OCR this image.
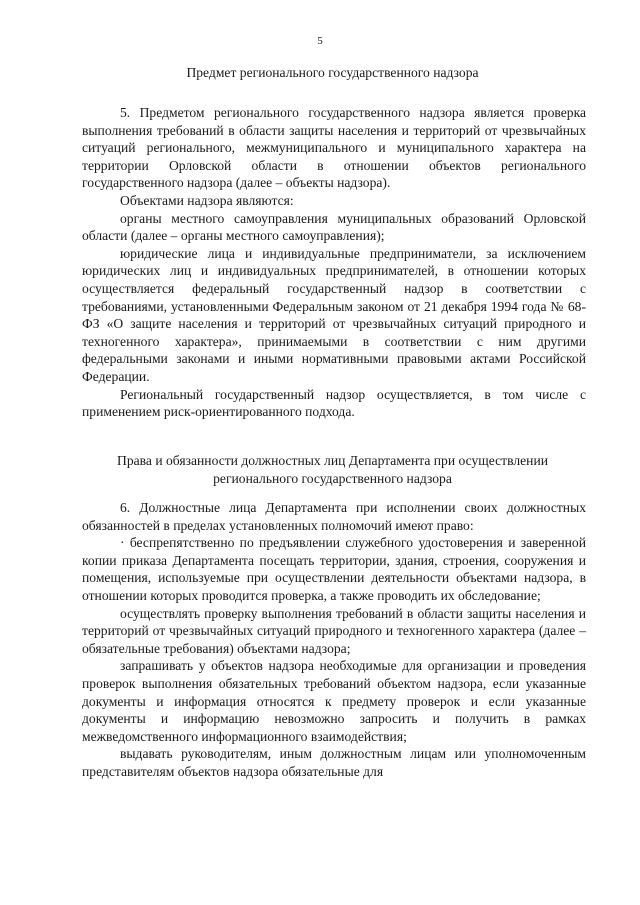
5
Предмет регионального государственного надзора

5. Предметом регионального государственного надзора является проверка выполнения требований в области защиты населения и территорий от чрезвычайных ситуаций регионального, межмуниципального и муниципального характера на территории Орловской области в отношении объектов регионального государственного надзора (далее – объекты надзора).

Объектами надзора являются:

органы местного самоуправления муниципальных образований Орловской области (далее – органы местного самоуправления);

юридические лица и индивидуальные предприниматели, за исключением юридических лиц и индивидуальных предпринимателей, в отношении которых осуществляется федеральный государственный надзор в соответствии с требованиями, установленными Федеральным законом от 21 декабря 1994 года № 68-ФЗ «О защите населения и территорий от чрезвычайных ситуаций природного и техногенного характера», принимаемыми в соответствии с ним другими федеральными законами и иными нормативными правовыми актами Российской Федерации.

Региональный государственный надзор осуществляется, в том числе с применением риск-ориентированного подхода.

Права и обязанности должностных лиц Департамента при осуществлении
регионального государственного надзора

6. Должностные лица Департамента при исполнении своих должностных обязанностей в пределах установленных полномочий имеют право:

· беспрепятственно по предъявлении служебного удостоверения и заверенной копии приказа Департамента посещать территории, здания, строения, сооружения и помещения, используемые при осуществлении деятельности объектами надзора, в отношении которых проводится проверка, а также проводить их обследование;

осуществлять проверку выполнения требований в области защиты населения и территорий от чрезвычайных ситуаций природного и техногенного характера (далее – обязательные требования) объектами надзора;

запрашивать у объектов надзора необходимые для организации и проведения проверок выполнения обязательных требований объектом надзора, если указанные документы и информация относятся к предмету проверок и если указанные документы и информацию невозможно запросить и получить в рамках межведомственного информационного взаимодействия;

выдавать руководителям, иным должностным лицам или уполномоченным представителям объектов надзора обязательные для
